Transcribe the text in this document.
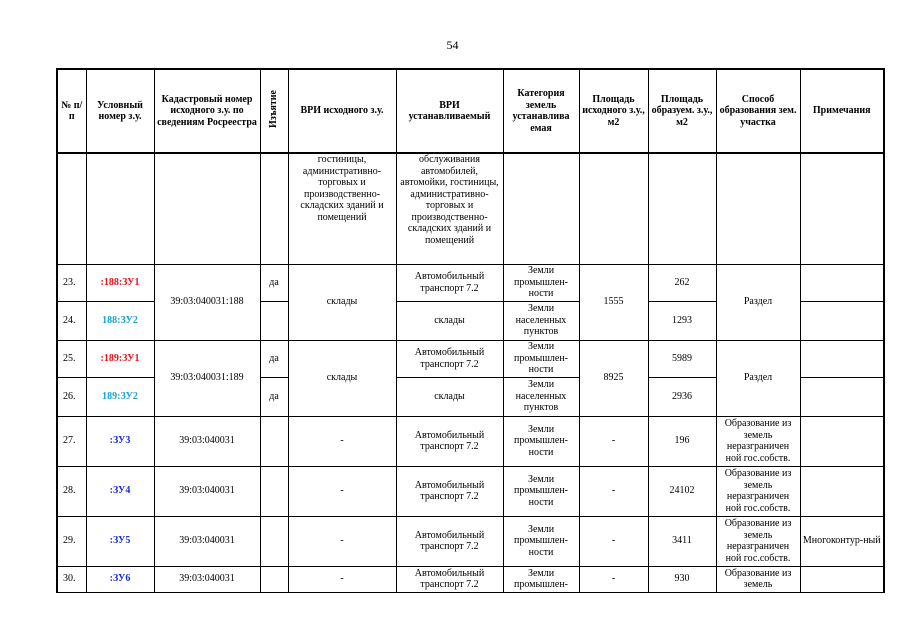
54
№ п/п	Условный номер з.у.	Кадастровый номер исходного з.у. по сведениям Росреестра	Изъятие	ВРИ исходного з.у.	ВРИ устанавливаемый	Категория земель устанавлива емая	Площадь исходного з.у., м2	Площадь образуем. з.у., м2	Способ образования зем. участка	Примечания
				гостиницы, административно-торговых и производственно-складских зданий и помещений	обслуживания автомобилей, автомойки, гостиницы, административно-торговых и производственно-складских зданий и помещений					
23.	:188:ЗУ1	39:03:040031:188	да	склады	Автомобильный транспорт 7.2	Земли промышлен-ности	1555	262	Раздел	
24.	188:ЗУ2				склады	Земли населенных пунктов		1293		
25.	:189:ЗУ1	39:03:040031:189	да	склады	Автомобильный транспорт 7.2	Земли промышлен-ности	8925	5989	Раздел	
26.	189:ЗУ2		да		склады	Земли населенных пунктов		2936		
27.	:ЗУ3	39:03:040031		-	Автомобильный транспорт 7.2	Земли промышлен-ности	-	196	Образование из земель неразграничен ной гос.собств.	
28.	:ЗУ4	39:03:040031		-	Автомобильный транспорт 7.2	Земли промышлен-ности	-	24102	Образование из земель неразграничен ной гос.собств.	
29.	:ЗУ5	39:03:040031		-	Автомобильный транспорт 7.2	Земли промышлен-ности	-	3411	Образование из земель неразграничен ной гос.собств.	Многоконтур-ный
30.	:ЗУ6	39:03:040031		-	Автомобильный транспорт 7.2	Земли промышлен-	-	930	Образование из земель	
